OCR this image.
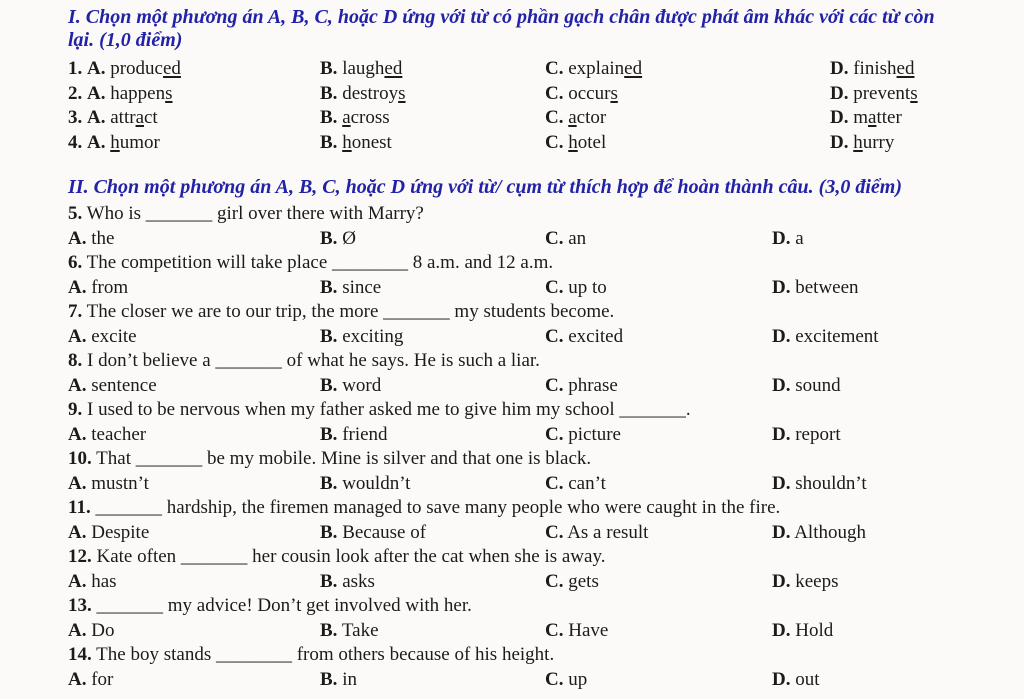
I. Chọn một phương án A, B, C, hoặc D ứng với từ có phần gạch chân được phát âm khác với các từ còn lại. (1,0 điểm)
1. A. produced	B. laughed	C. explained	D. finished
2. A. happens	B. destroys	C. occurs	D. prevents
3. A. attract	B. across	C. actor	D. matter
4. A. humor	B. honest	C. hotel	D. hurry
II. Chọn một phương án A, B, C, hoặc D ứng với từ/ cụm từ thích hợp để hoàn thành câu. (3,0 điểm)
5. Who is _______ girl over there with Marry?
A. the	B. Ø	C. an	D. a
6. The competition will take place ________ 8 a.m. and 12 a.m.
A. from	B. since	C. up to	D. between
7. The closer we are to our trip, the more _______ my students become.
A. excite	B. exciting	C. excited	D. excitement
8. I don’t believe a _______ of what he says. He is such a liar.
A. sentence	B. word	C. phrase	D. sound
9. I used to be nervous when my father asked me to give him my school _______.
A. teacher	B. friend	C. picture	D. report
10. That _______ be my mobile. Mine is silver and that one is black.
A. mustn’t	B. wouldn’t	C. can’t	D. shouldn’t
11. _______ hardship, the firemen managed to save many people who were caught in the fire.
A. Despite	B. Because of	C. As a result	D. Although
12. Kate often _______ her cousin look after the cat when she is away.
A. has	B. asks	C. gets	D. keeps
13. _______ my advice! Don’t get involved with her.
A. Do	B. Take	C. Have	D. Hold
14. The boy stands ________ from others because of his height.
A. for	B. in	C. up	D. out
